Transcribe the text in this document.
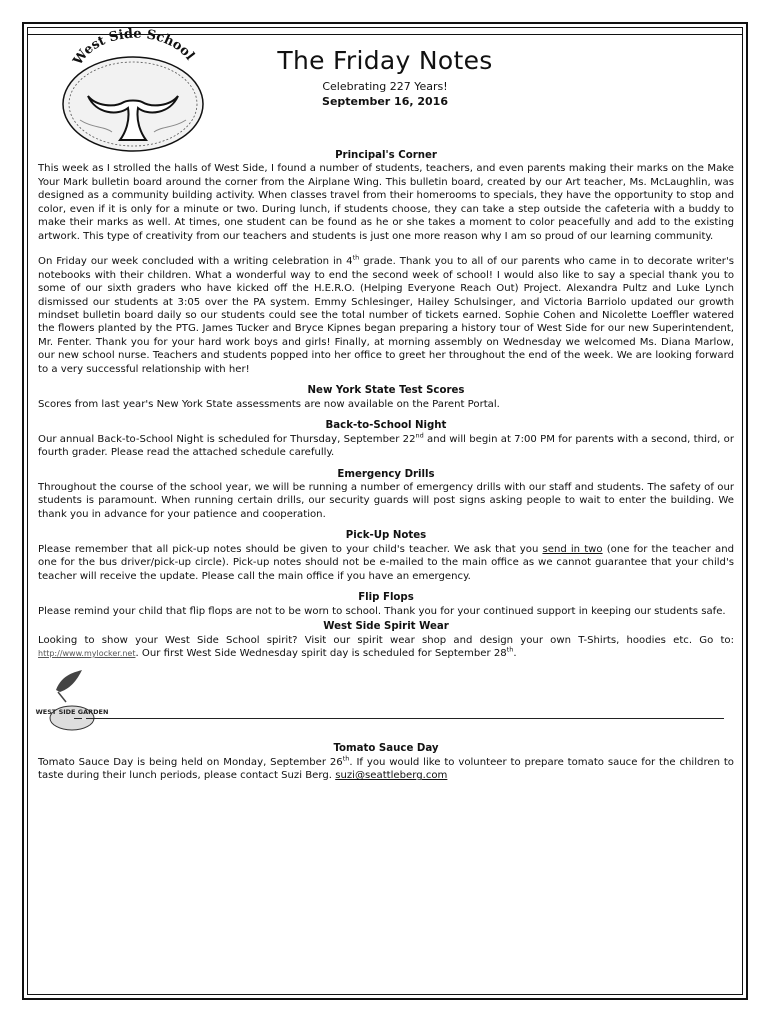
West Side School	The Friday Notes
Celebrating 227 Years!
September 16, 2016
Principal's Corner

This week as I strolled the halls of West Side, I found a number of students, teachers, and even parents making their marks on the Make Your Mark bulletin board around the corner from the Airplane Wing. This bulletin board, created by our Art teacher, Ms. McLaughlin, was designed as a community building activity. When classes travel from their homerooms to specials, they have the opportunity to stop and color, even if it is only for a minute or two. During lunch, if students choose, they can take a step outside the cafeteria with a buddy to make their marks as well. At times, one student can be found as he or she takes a moment to color peacefully and add to the existing artwork. This type of creativity from our teachers and students is just one more reason why I am so proud of our learning community.

On Friday our week concluded with a writing celebration in 4th grade. Thank you to all of our parents who came in to decorate writer's notebooks with their children. What a wonderful way to end the second week of school! I would also like to say a special thank you to some of our sixth graders who have kicked off the H.E.R.O. (Helping Everyone Reach Out) Project. Alexandra Pultz and Luke Lynch dismissed our students at 3:05 over the PA system. Emmy Schlesinger, Hailey Schulsinger, and Victoria Barriolo updated our growth mindset bulletin board daily so our students could see the total number of tickets earned. Sophie Cohen and Nicolette Loeffler watered the flowers planted by the PTG. James Tucker and Bryce Kipnes began preparing a history tour of West Side for our new Superintendent, Mr. Fenter. Thank you for your hard work boys and girls! Finally, at morning assembly on Wednesday we welcomed Ms. Diana Marlow, our new school nurse. Teachers and students popped into her office to greet her throughout the end of the week. We are looking forward to a very successful relationship with her!

New York State Test Scores

Scores from last year's New York State assessments are now available on the Parent Portal.

Back-to-School Night

Our annual Back-to-School Night is scheduled for Thursday, September 22nd and will begin at 7:00 PM for parents with a second, third, or fourth grader. Please read the attached schedule carefully.

Emergency Drills

Throughout the course of the school year, we will be running a number of emergency drills with our staff and students. The safety of our students is paramount. When running certain drills, our security guards will post signs asking people to wait to enter the building. We thank you in advance for your patience and cooperation.

Pick-Up Notes

Please remember that all pick-up notes should be given to your child's teacher. We ask that you send in two (one for the teacher and one for the bus driver/pick-up circle). Pick-up notes should not be e-mailed to the main office as we cannot guarantee that your child's teacher will receive the update. Please call the main office if you have an emergency.

Flip Flops

Please remind your child that flip flops are not to be worn to school. Thank you for your continued support in keeping our students safe.

West Side Spirit Wear

Looking to show your West Side School spirit? Visit our spirit wear shop and design your own T-Shirts, hoodies etc. Go to: http://www.mylocker.net. Our first West Side Wednesday spirit day is scheduled for September 28th.

WEST SIDE GARDEN
Tomato Sauce Day

Tomato Sauce Day is being held on Monday, September 26th. If you would like to volunteer to prepare tomato sauce for the children to taste during their lunch periods, please contact Suzi Berg. suzi@seattleberg.com
